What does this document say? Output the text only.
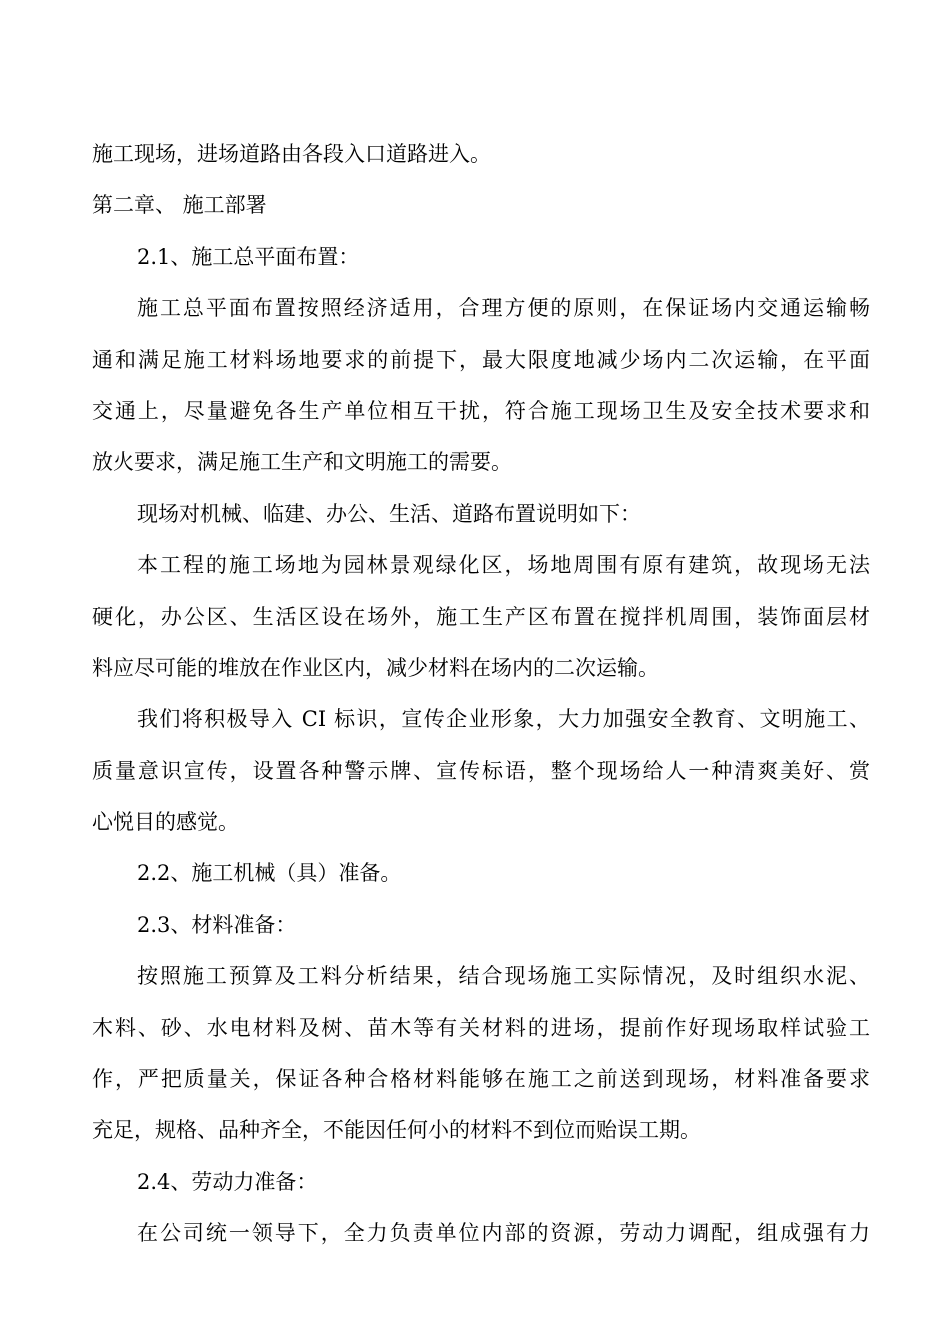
施工现场，进场道路由各段入口道路进入。
第二章、 施工部署
2.1、施工总平面布置：
施工总平面布置按照经济适用，合理方便的原则，在保证场内交通运输畅
通和满足施工材料场地要求的前提下，最大限度地减少场内二次运输，在平面
交通上，尽量避免各生产单位相互干扰，符合施工现场卫生及安全技术要求和
放火要求，满足施工生产和文明施工的需要。
现场对机械、临建、办公、生活、道路布置说明如下：
本工程的施工场地为园林景观绿化区，场地周围有原有建筑，故现场无法
硬化，办公区、生活区设在场外，施工生产区布置在搅拌机周围，装饰面层材
料应尽可能的堆放在作业区内，减少材料在场内的二次运输。
我们将积极导入 CI 标识，宣传企业形象，大力加强安全教育、文明施工、
质量意识宣传，设置各种警示牌、宣传标语，整个现场给人一种清爽美好、赏
心悦目的感觉。
2.2、施工机械（具）准备。
2.3、材料准备：
按照施工预算及工料分析结果，结合现场施工实际情况，及时组织水泥、
木料、砂、水电材料及树、苗木等有关材料的进场，提前作好现场取样试验工
作，严把质量关，保证各种合格材料能够在施工之前送到现场，材料准备要求
充足，规格、品种齐全，不能因任何小的材料不到位而贻误工期。
2.4、劳动力准备：
在公司统一领导下，全力负责单位内部的资源，劳动力调配，组成强有力
